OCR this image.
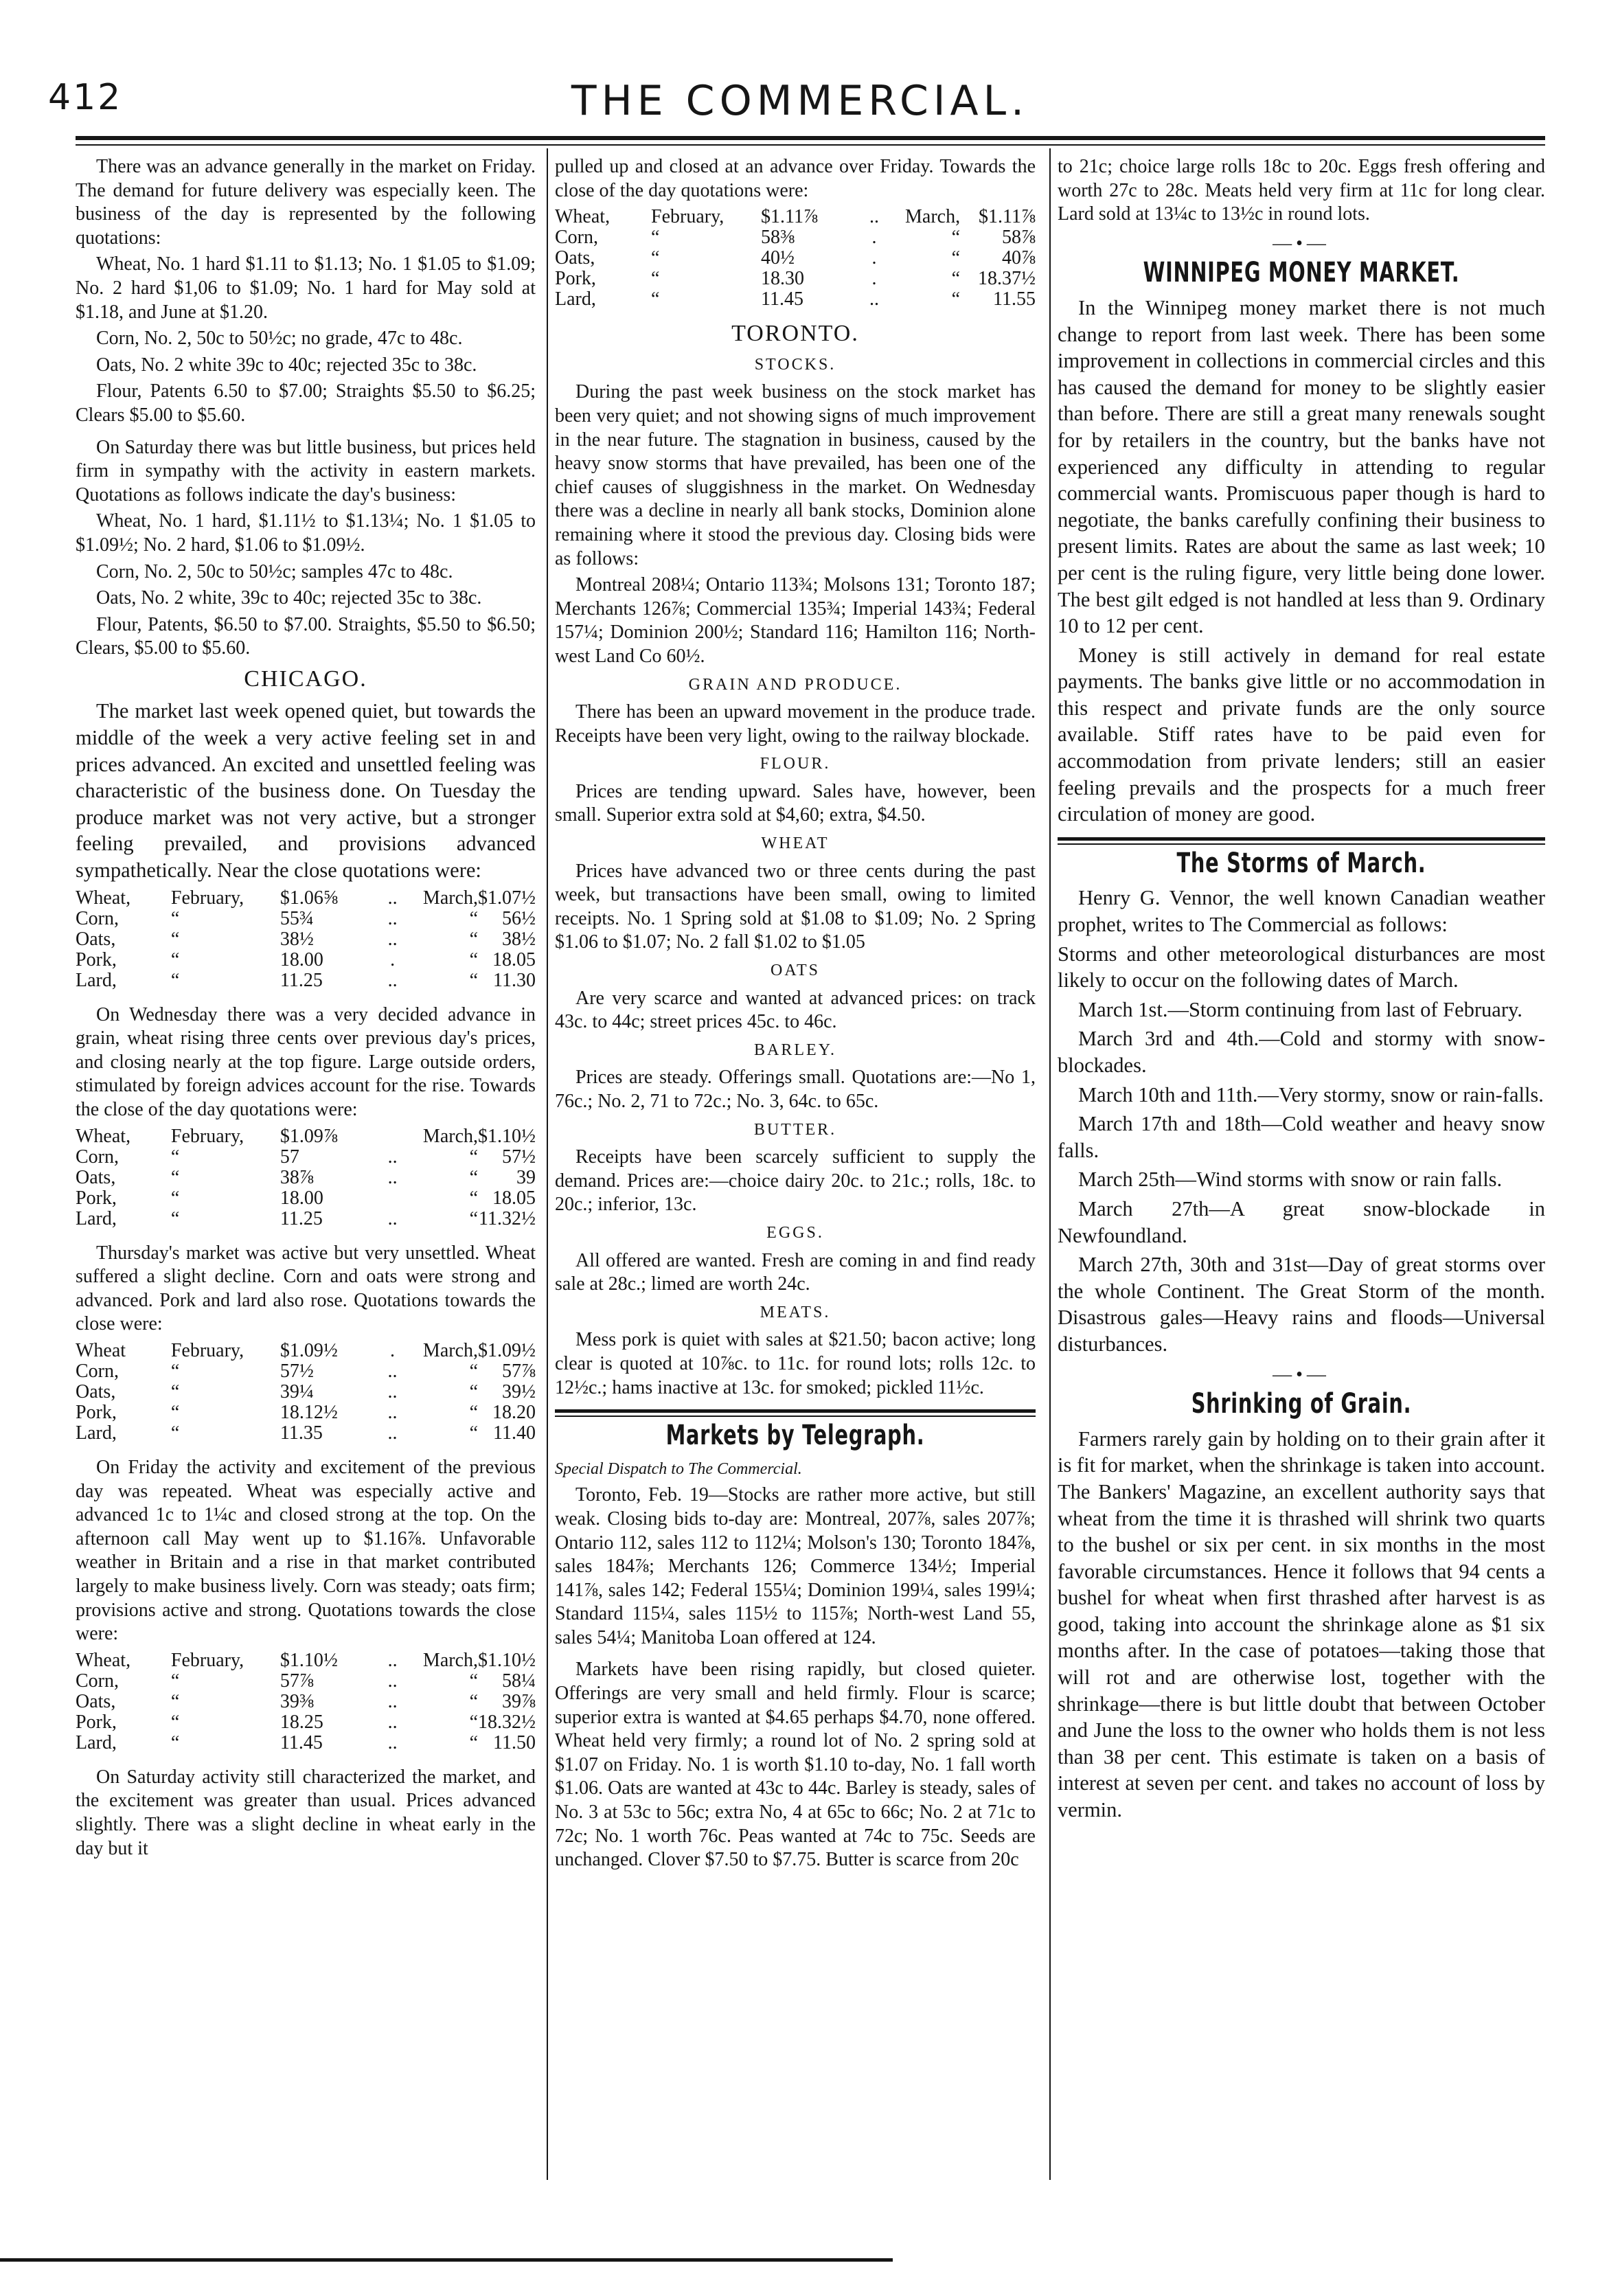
412	THE COMMERCIAL.

There was an advance generally in the market on Friday. The demand for future delivery was especially keen. The business of the day is represented by the following quotations:

Wheat, No. 1 hard $1.11 to $1.13; No. 1 $1.05 to $1.09; No. 2 hard $1,06 to $1.09; No. 1 hard for May sold at $1.18, and June at $1.20.

Corn, No. 2, 50c to 50½c; no grade, 47c to 48c.

Oats, No. 2 white 39c to 40c; rejected 35c to 38c.

Flour, Patents 6.50 to $7.00; Straights $5.50 to $6.25; Clears $5.00 to $5.60.

On Saturday there was but little business, but prices held firm in sympathy with the activity in eastern markets. Quotations as follows indicate the day's business:

Wheat, No. 1 hard, $1.11½ to $1.13¼; No. 1 $1.05 to $1.09½; No. 2 hard, $1.06 to $1.09½.

Corn, No. 2, 50c to 50½c; samples 47c to 48c.

Oats, No. 2 white, 39c to 40c; rejected 35c to 38c.

Flour, Patents, $6.50 to $7.00. Straights, $5.50 to $6.50; Clears, $5.00 to $5.60.

CHICAGO.

The market last week opened quiet, but towards the middle of the week a very active feeling set in and prices advanced. An excited and unsettled feeling was characteristic of the business done. On Tuesday the produce market was not very active, but a stronger feeling prevailed, and provisions advanced sympathetically. Near the close quotations were:

Wheat,	February,	$1.06⅝	..	March,	$1.07½
Corn,	“	55¾	..	“	56½
Oats,	“	38½	..	“	38½
Pork,	“	18.00	.	“	18.05
Lard,	“	11.25	..	“	11.30

On Wednesday there was a very decided advance in grain, wheat rising three cents over previous day's prices, and closing nearly at the top figure. Large outside orders, stimulated by foreign advices account for the rise. Towards the close of the day quotations were:

Wheat,	February,	$1.09⅞		March,	$1.10½
Corn,	“	57	..	“	57½
Oats,	“	38⅞	..	“	39
Pork,	“	18.00		“	18.05
Lard,	“	11.25	..	“	11.32½

Thursday's market was active but very unsettled. Wheat suffered a slight decline. Corn and oats were strong and advanced. Pork and lard also rose. Quotations towards the close were:

Wheat	February,	$1.09½	.	March,	$1.09½
Corn,	“	57½	..	“	57⅞
Oats,	“	39¼	..	“	39½
Pork,	“	18.12½	..	“	18.20
Lard,	“	11.35	..	“	11.40

On Friday the activity and excitement of the previous day was repeated. Wheat was especially active and advanced 1c to 1¼c and closed strong at the top. On the afternoon call May went up to $1.16⅞. Unfavorable weather in Britain and a rise in that market contributed largely to make business lively. Corn was steady; oats firm; provisions active and strong. Quotations towards the close were:

Wheat,	February,	$1.10½	..	March,	$1.10½
Corn,	“	57⅞	..	“	58¼
Oats,	“	39⅜	..	“	39⅞
Pork,	“	18.25	..	“	18.32½
Lard,	“	11.45	..	“	11.50

On Saturday activity still characterized the market, and the excitement was greater than usual. Prices advanced slightly. There was a slight decline in wheat early in the day but it

pulled up and closed at an advance over Friday. Towards the close of the day quotations were:

Wheat,	February,	$1.11⅞	..	March,	$1.11⅞
Corn,	“	58⅜	.	“	58⅞
Oats,	“	40½	.	“	40⅞
Pork,	“	18.30	.	“	18.37½
Lard,	“	11.45	..	“	11.55
TORONTO.
STOCKS.

During the past week business on the stock market has been very quiet; and not showing signs of much improvement in the near future. The stagnation in business, caused by the heavy snow storms that have prevailed, has been one of the chief causes of sluggishness in the market. On Wednesday there was a decline in nearly all bank stocks, Dominion alone remaining where it stood the previous day. Closing bids were as follows:

Montreal 208¼; Ontario 113¾; Molsons 131; Toronto 187; Merchants 126⅞; Commercial 135¾; Imperial 143¾; Federal 157¼; Dominion 200½; Standard 116; Hamilton 116; North-west Land Co 60½.

GRAIN AND PRODUCE.

There has been an upward movement in the produce trade. Receipts have been very light, owing to the railway blockade.

FLOUR.

Prices are tending upward. Sales have, however, been small. Superior extra sold at $4,60; extra, $4.50.

WHEAT

Prices have advanced two or three cents during the past week, but transactions have been small, owing to limited receipts. No. 1 Spring sold at $1.08 to $1.09; No. 2 Spring $1.06 to $1.07; No. 2 fall $1.02 to $1.05

OATS

Are very scarce and wanted at advanced prices: on track 43c. to 44c; street prices 45c. to 46c.

BARLEY.

Prices are steady. Offerings small. Quotations are:—No 1, 76c.; No. 2, 71 to 72c.; No. 3, 64c. to 65c.

BUTTER.

Receipts have been scarcely sufficient to supply the demand. Prices are:—choice dairy 20c. to 21c.; rolls, 18c. to 20c.; inferior, 13c.

EGGS.

All offered are wanted. Fresh are coming in and find ready sale at 28c.; limed are worth 24c.

MEATS.

Mess pork is quiet with sales at $21.50; bacon active; long clear is quoted at 10⅞c. to 11c. for round lots; rolls 12c. to 12½c.; hams inactive at 13c. for smoked; pickled 11½c.

Markets by Telegraph.

Special Dispatch to The Commercial.

Toronto, Feb. 19—Stocks are rather more active, but still weak. Closing bids to-day are: Montreal, 207⅞, sales 207⅞; Ontario 112, sales 112 to 112¼; Molson's 130; Toronto 184⅞, sales 184⅞; Merchants 126; Commerce 134½; Imperial 141⅞, sales 142; Federal 155¼; Dominion 199¼, sales 199¼; Standard 115¼, sales 115½ to 115⅞; North-west Land 55, sales 54¼; Manitoba Loan offered at 124.

Markets have been rising rapidly, but closed quieter. Offerings are very small and held firmly. Flour is scarce; superior extra is wanted at $4.65 perhaps $4.70, none offered. Wheat held very firmly; a round lot of No. 2 spring sold at $1.07 on Friday. No. 1 is worth $1.10 to-day, No. 1 fall worth $1.06. Oats are wanted at 43c to 44c. Barley is steady, sales of No. 3 at 53c to 56c; extra No, 4 at 65c to 66c; No. 2 at 71c to 72c; No. 1 worth 76c. Peas wanted at 74c to 75c. Seeds are unchanged. Clover $7.50 to $7.75. Butter is scarce from 20c

to 21c; choice large rolls 18c to 20c. Eggs fresh offering and worth 27c to 28c. Meats held very firm at 11c for long clear. Lard sold at 13¼c to 13½c in round lots.

—•—
WINNIPEG MONEY MARKET.

In the Winnipeg money market there is not much change to report from last week. There has been some improvement in collections in commercial circles and this has caused the demand for money to be slightly easier than before. There are still a great many renewals sought for by retailers in the country, but the banks have not experienced any difficulty in attending to regular commercial wants. Promiscuous paper though is hard to negotiate, the banks carefully confining their business to present limits. Rates are about the same as last week; 10 per cent is the ruling figure, very little being done lower. The best gilt edged is not handled at less than 9. Ordinary 10 to 12 per cent.

Money is still actively in demand for real estate payments. The banks give little or no accommodation in this respect and private funds are the only source available. Stiff rates have to be paid even for accommodation from private lenders; still an easier feeling prevails and the prospects for a much freer circulation of money are good.

The Storms of March.

Henry G. Vennor, the well known Canadian weather prophet, writes to The Commercial as follows:

Storms and other meteorological disturbances are most likely to occur on the following dates of March.

March 1st.—Storm continuing from last of February.

March 3rd and 4th.—Cold and stormy with snow-blockades.

March 10th and 11th.—Very stormy, snow or rain-falls.

March 17th and 18th—Cold weather and heavy snow falls.

March 25th—Wind storms with snow or rain falls.

March 27th—A great snow-blockade in Newfoundland.

March 27th, 30th and 31st—Day of great storms over the whole Continent. The Great Storm of the month. Disastrous gales—Heavy rains and floods—Universal disturbances.

—•—
Shrinking of Grain.

Farmers rarely gain by holding on to their grain after it is fit for market, when the shrinkage is taken into account. The Bankers' Magazine, an excellent authority says that wheat from the time it is thrashed will shrink two quarts to the bushel or six per cent. in six months in the most favorable circumstances. Hence it follows that 94 cents a bushel for wheat when first thrashed after harvest is as good, taking into account the shrinkage alone as $1 six months after. In the case of potatoes—taking those that will rot and are otherwise lost, together with the shrinkage—there is but little doubt that between October and June the loss to the owner who holds them is not less than 38 per cent. This estimate is taken on a basis of interest at seven per cent. and takes no account of loss by vermin.
